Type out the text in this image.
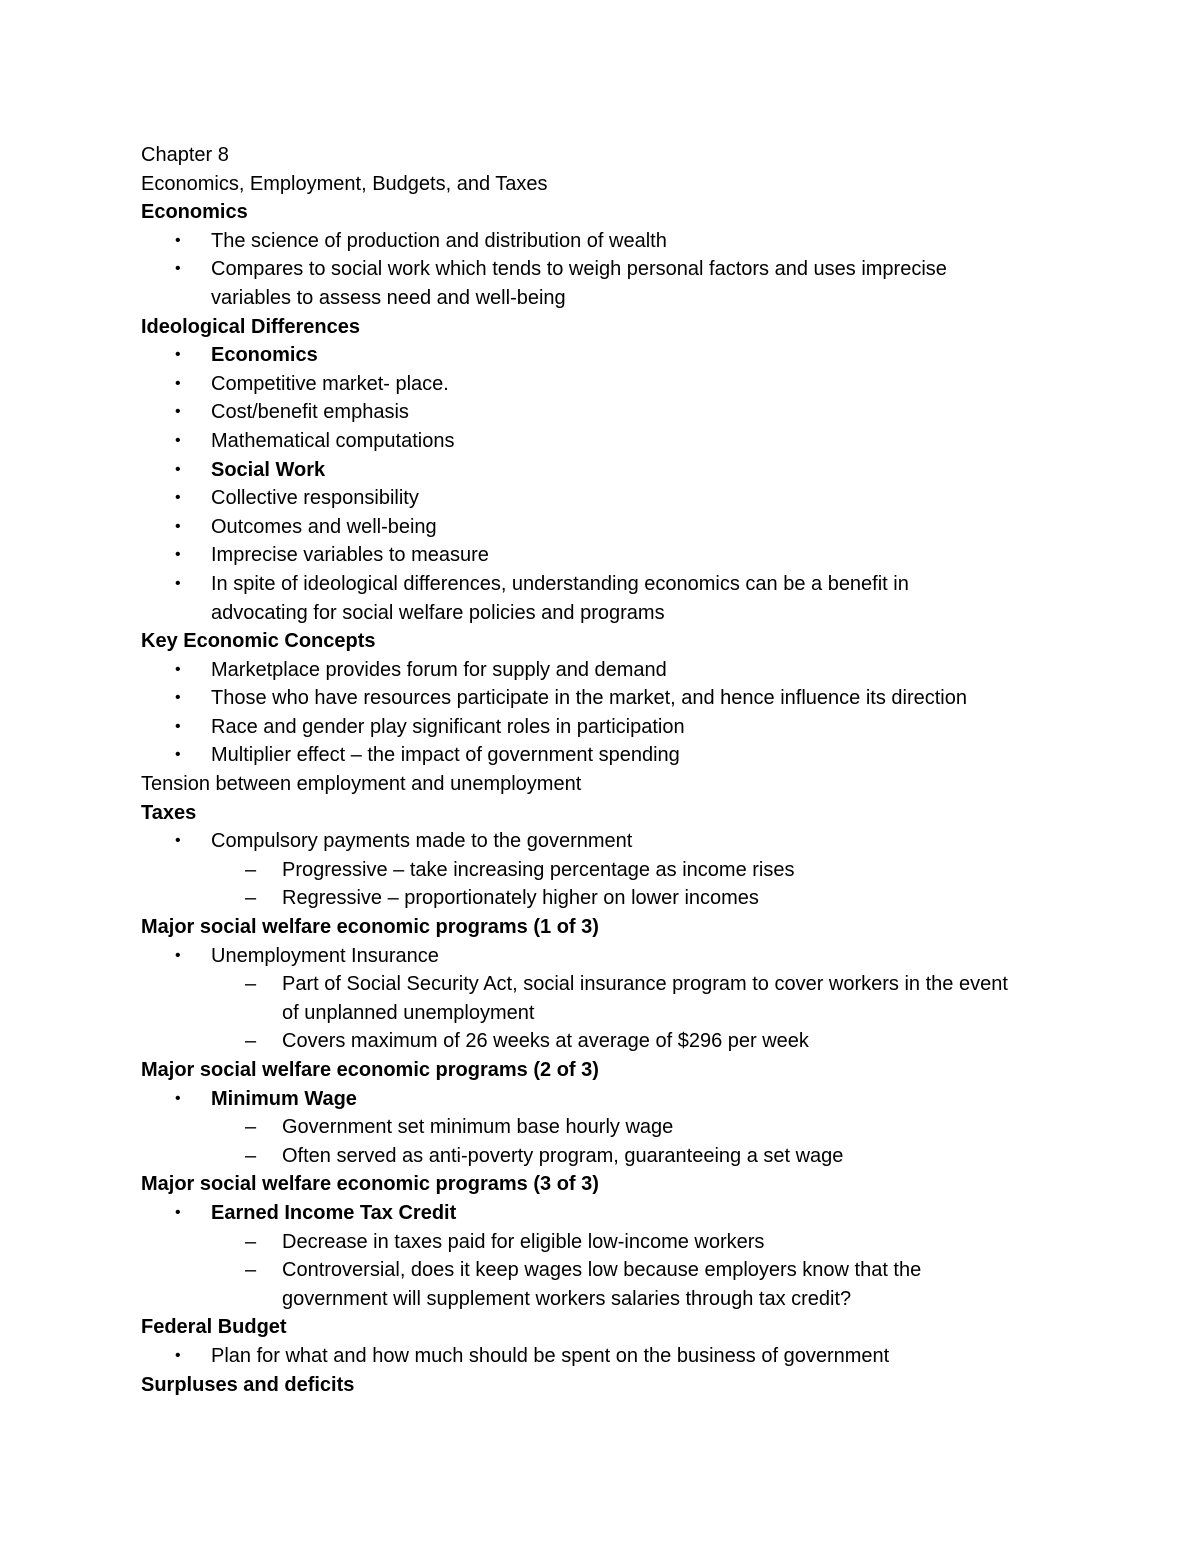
Chapter 8
Economics, Employment, Budgets, and Taxes
Economics
• The science of production and distribution of wealth
• Compares to social work which tends to weigh personal factors and uses imprecise
variables to assess need and well-being
Ideological Differences
• Economics
• Competitive market- place.
• Cost/benefit emphasis
• Mathematical computations
• Social Work
• Collective responsibility
• Outcomes and well-being
• Imprecise variables to measure
• In spite of ideological differences, understanding economics can be a benefit in
advocating for social welfare policies and programs
Key Economic Concepts
• Marketplace provides forum for supply and demand
• Those who have resources participate in the market, and hence influence its direction
• Race and gender play significant roles in participation
• Multiplier effect – the impact of government spending
Tension between employment and unemployment
Taxes
• Compulsory payments made to the government
– Progressive – take increasing percentage as income rises
– Regressive – proportionately higher on lower incomes
Major social welfare economic programs (1 of 3)
• Unemployment Insurance
– Part of Social Security Act, social insurance program to cover workers in the event
of unplanned unemployment
– Covers maximum of 26 weeks at average of $296 per week
Major social welfare economic programs (2 of 3)
• Minimum Wage
– Government set minimum base hourly wage
– Often served as anti-poverty program, guaranteeing a set wage
Major social welfare economic programs (3 of 3)
• Earned Income Tax Credit
– Decrease in taxes paid for eligible low-income workers
– Controversial, does it keep wages low because employers know that the
government will supplement workers salaries through tax credit?
Federal Budget
• Plan for what and how much should be spent on the business of government
Surpluses and deficits
